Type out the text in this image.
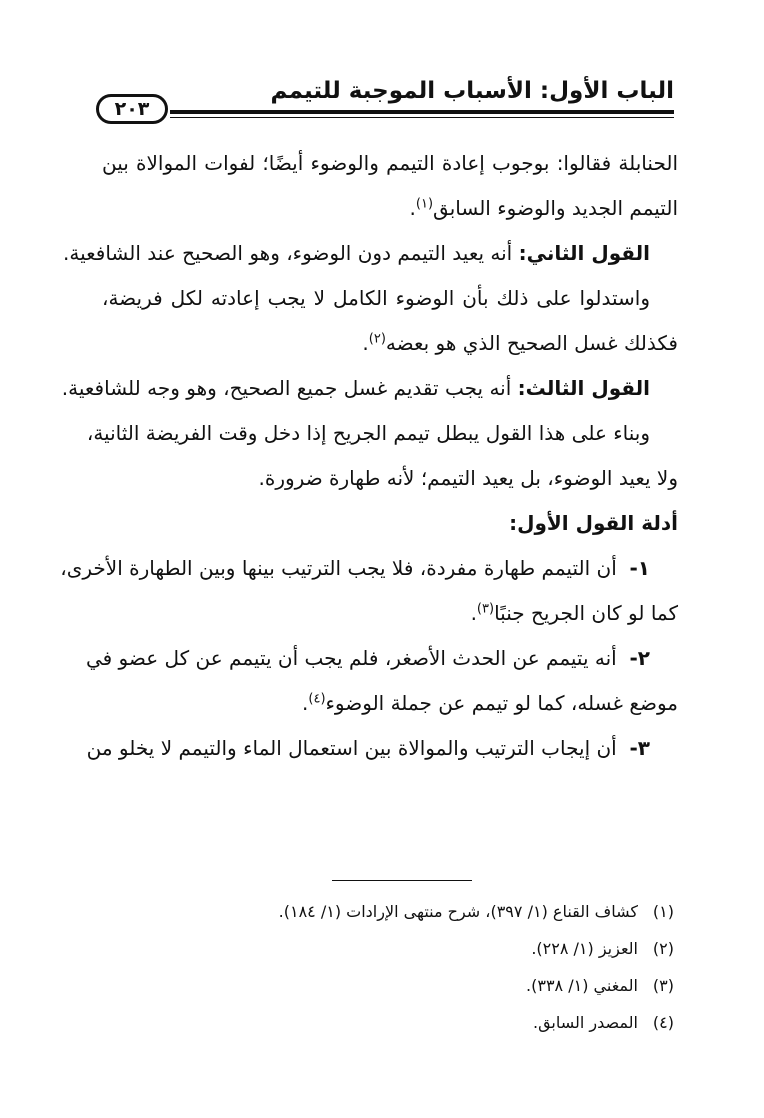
الباب الأول: الأسباب الموجبة للتيمم
٢٠٣
الحنابلة فقالوا: بوجوب إعادة التيمم والوضوء أيضًا؛ لفوات الموالاة بين
التيمم الجديد والوضوء السابق$^{(١)}$.
القول الثاني: أنه يعيد التيمم دون الوضوء، وهو الصحيح عند الشافعية.
واستدلوا على ذلك بأن الوضوء الكامل لا يجب إعادته لكل فريضة،
فكذلك غسل الصحيح الذي هو بعضه$^{(٢)}$.
القول الثالث: أنه يجب تقديم غسل جميع الصحيح، وهو وجه للشافعية.
وبناء على هذا القول يبطل تيمم الجريح إذا دخل وقت الفريضة الثانية،
ولا يعيد الوضوء، بل يعيد التيمم؛ لأنه طهارة ضرورة.
أدلة القول الأول:
١-  أن التيمم طهارة مفردة، فلا يجب الترتيب بينها وبين الطهارة الأخرى،
كما لو كان الجريح جنبًا$^{(٣)}$.
٢-  أنه يتيمم عن الحدث الأصغر، فلم يجب أن يتيمم عن كل عضو في
موضع غسله، كما لو تيمم عن جملة الوضوء$^{(٤)}$.
٣-  أن إيجاب الترتيب والموالاة بين استعمال الماء والتيمم لا يخلو من
(١)كشاف القناع (١/ ٣٩٧)، شرح منتهى الإرادات (١/ ١٨٤).
(٢)العزيز (١/ ٢٢٨).
(٣)المغني (١/ ٣٣٨).
(٤)المصدر السابق.
